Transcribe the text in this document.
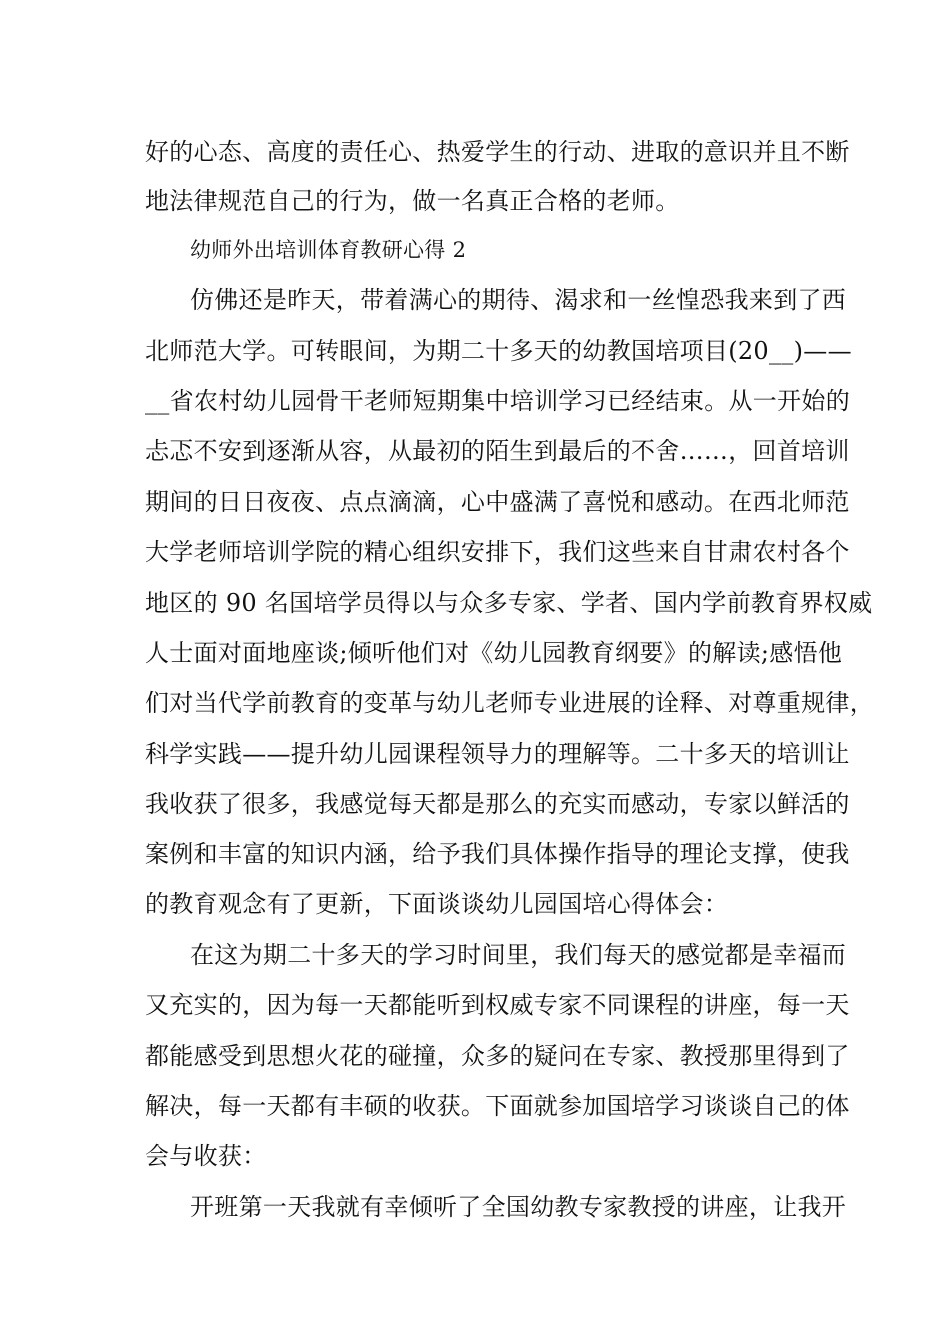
好的心态、高度的责任心、热爱学生的行动、进取的意识并且不断
地法律规范自己的行为，做一名真正合格的老师。
幼师外出培训体育教研心得 2
仿佛还是昨天，带着满心的期待、渴求和一丝惶恐我来到了西
北师范大学。可转眼间，为期二十多天的幼教国培项目(20__)——
__省农村幼儿园骨干老师短期集中培训学习已经结束。从一开始的
忐忑不安到逐渐从容，从最初的陌生到最后的不舍……，回首培训
期间的日日夜夜、点点滴滴，心中盛满了喜悦和感动。在西北师范
大学老师培训学院的精心组织安排下，我们这些来自甘肃农村各个
地区的 90 名国培学员得以与众多专家、学者、国内学前教育界权威
人士面对面地座谈;倾听他们对《幼儿园教育纲要》的解读;感悟他
们对当代学前教育的变革与幼儿老师专业进展的诠释、对尊重规律，
科学实践——提升幼儿园课程领导力的理解等。二十多天的培训让
我收获了很多，我感觉每天都是那么的充实而感动，专家以鲜活的
案例和丰富的知识内涵，给予我们具体操作指导的理论支撑，使我
的教育观念有了更新，下面谈谈幼儿园国培心得体会：
在这为期二十多天的学习时间里，我们每天的感觉都是幸福而
又充实的，因为每一天都能听到权威专家不同课程的讲座，每一天
都能感受到思想火花的碰撞，众多的疑问在专家、教授那里得到了
解决，每一天都有丰硕的收获。下面就参加国培学习谈谈自己的体
会与收获：
开班第一天我就有幸倾听了全国幼教专家教授的讲座，让我开
